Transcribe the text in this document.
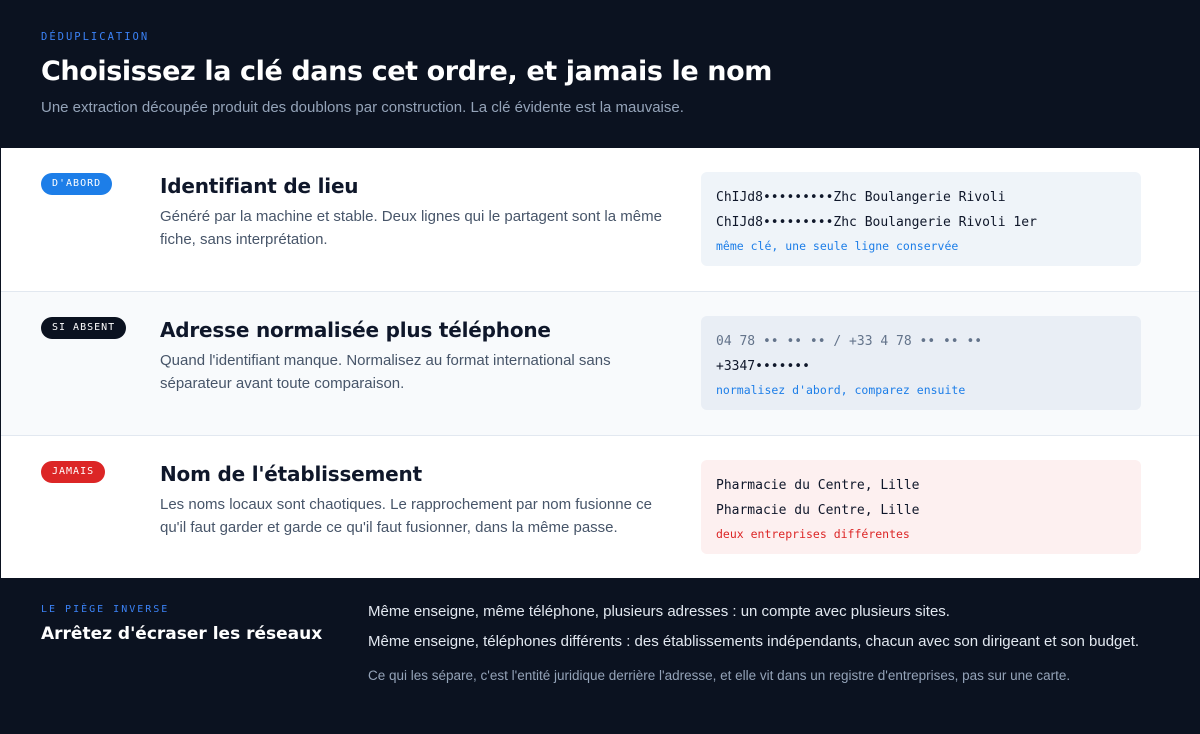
DÉDUPLICATION
Choisissez la clé dans cet ordre, et jamais le nom
Une extraction découpée produit des doublons par construction. La clé évidente est la mauvaise.
D'ABORD	Identifiant de lieu
Généré par la machine et stable. Deux lignes qui le partagent sont la même fiche, sans interprétation.
ChIJd8•••••••••Zhc Boulangerie Rivoli
ChIJd8•••••••••Zhc Boulangerie Rivoli 1er
même clé, une seule ligne conservée
SI ABSENT	Adresse normalisée plus téléphone
Quand l'identifiant manque. Normalisez au format international sans séparateur avant toute comparaison.
04 78 •• •• •• / +33 4 78 •• •• ••
+3347•••••••
normalisez d'abord, comparez ensuite
JAMAIS	Nom de l'établissement
Les noms locaux sont chaotiques. Le rapprochement par nom fusionne ce qu'il faut garder et garde ce qu'il faut fusionner, dans la même passe.
Pharmacie du Centre, Lille
Pharmacie du Centre, Lille
deux entreprises différentes
LE PIÈGE INVERSE
Arrêtez d'écraser les réseaux

Même enseigne, même téléphone, plusieurs adresses : un compte avec plusieurs sites.

Même enseigne, téléphones différents : des établissements indépendants, chacun avec son dirigeant et son budget.

Ce qui les sépare, c'est l'entité juridique derrière l'adresse, et elle vit dans un registre d'entreprises, pas sur une carte.
